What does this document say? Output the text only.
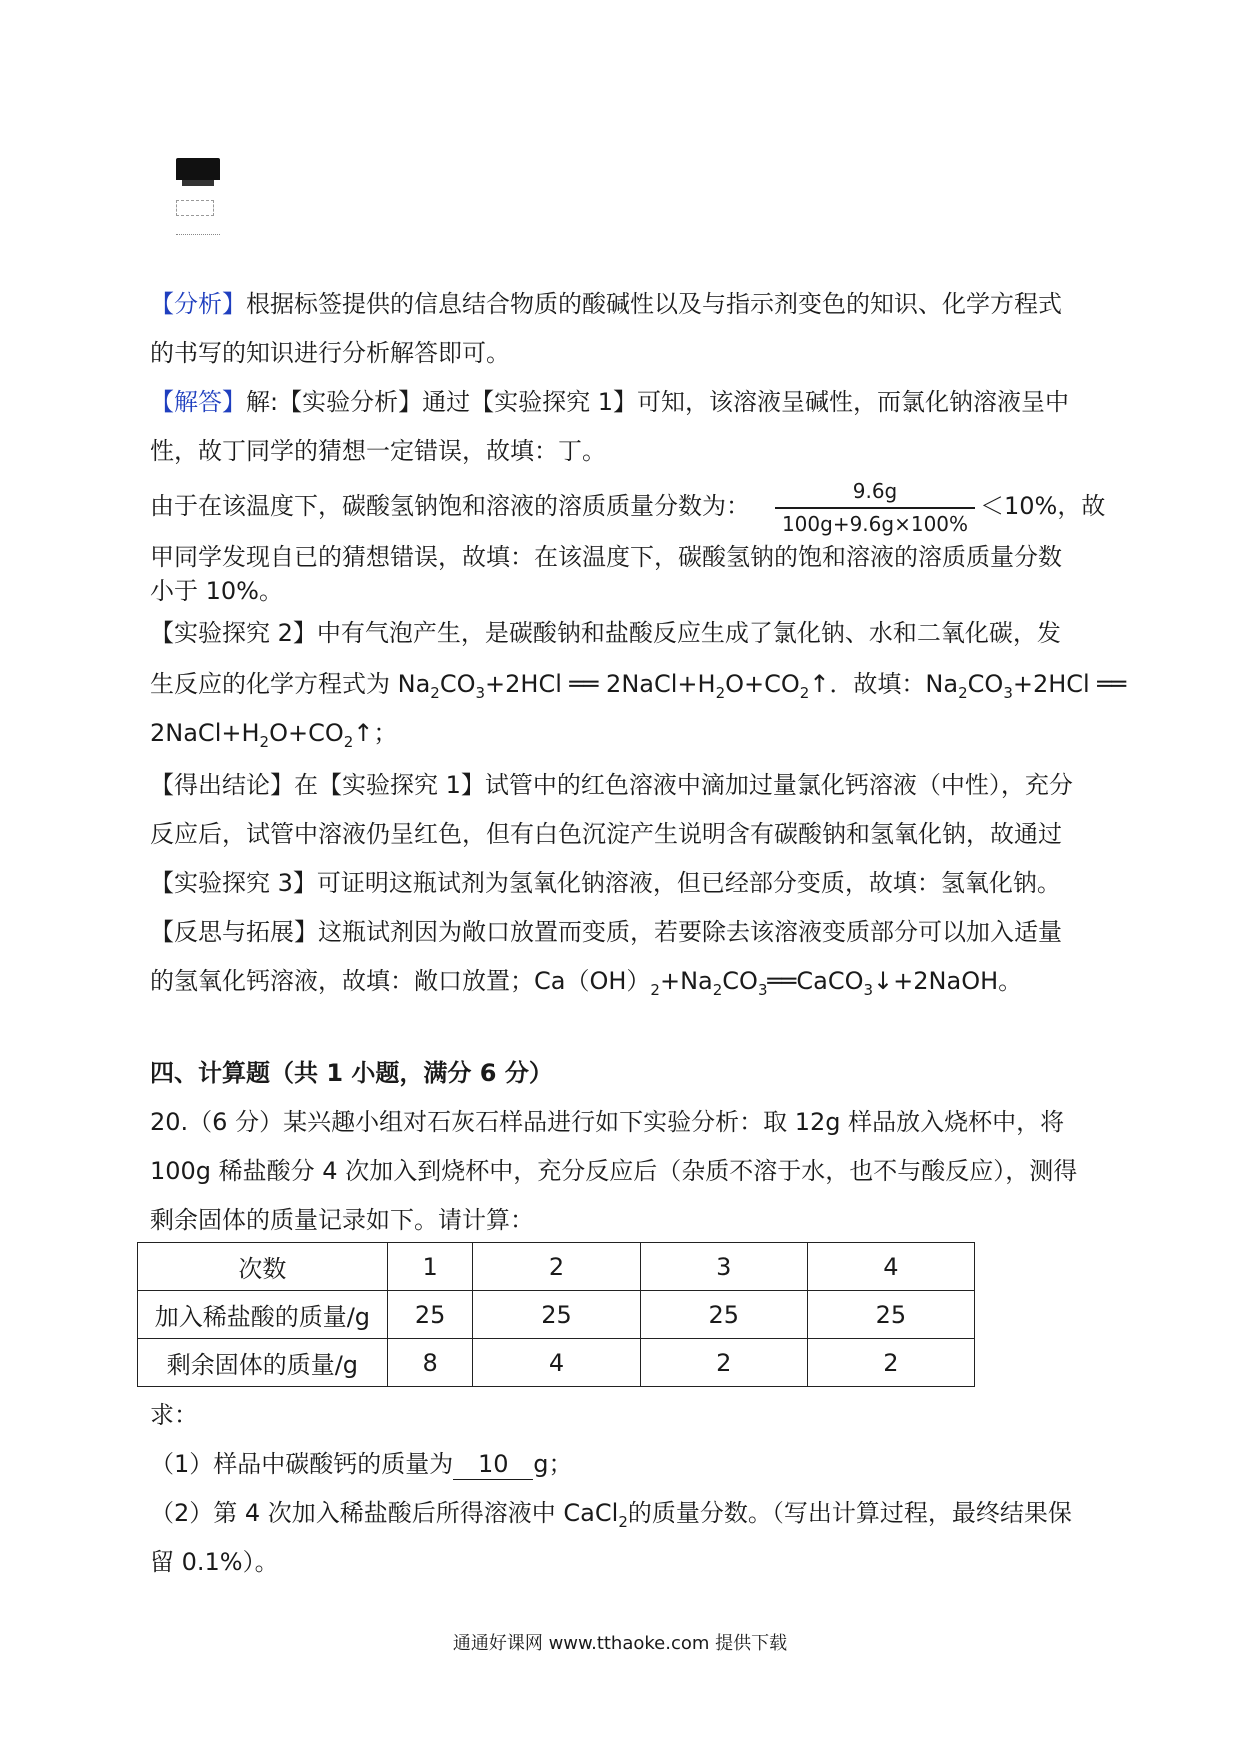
【分析】根据标签提供的信息结合物质的酸碱性以及与指示剂变色的知识、化学方程式
的书写的知识进行分析解答即可。
【解答】解:【实验分析】通过【实验探究 1】可知，该溶液呈碱性，而氯化钠溶液呈中
性，故丁同学的猜想一定错误，故填：丁。
由于在该温度下，碳酸氢钠饱和溶液的溶质质量分数为：
9.6g
100g+9.6g×100%
＜10%，故
甲同学发现自已的猜想错误，故填：在该温度下，碳酸氢钠的饱和溶液的溶质质量分数
小于 10%。
【实验探究 2】中有气泡产生，是碳酸钠和盐酸反应生成了氯化钠、水和二氧化碳，发
生反应的化学方程式为 $Na_2CO_3+2HCl$ ══ $2NaCl+H_2O+CO_2↑$．故填：$Na_2CO_3+2HCl$ ══
$2NaCl+H_2O+CO_2↑$；
【得出结论】在【实验探究 1】试管中的红色溶液中滴加过量氯化钙溶液（中性），充分
反应后，试管中溶液仍呈红色，但有白色沉淀产生说明含有碳酸钠和氢氧化钠，故通过
【实验探究 3】可证明这瓶试剂为氢氧化钠溶液，但已经部分变质，故填：氢氧化钠。
【反思与拓展】这瓶试剂因为敞口放置而变质，若要除去该溶液变质部分可以加入适量
的氢氧化钙溶液，故填：敞口放置；$Ca(OH)_2+Na_2CO_3══CaCO_3↓+2NaOH$。
四、计算题（共 1 小题，满分 6 分）
20.（6 分）某兴趣小组对石灰石样品进行如下实验分析：取 12g 样品放入烧杯中，将
100g 稀盐酸分 4 次加入到烧杯中，充分反应后（杂质不溶于水，也不与酸反应），测得
剩余固体的质量记录如下。请计算：
次数	1	2	3	4
加入稀盐酸的质量/g	25	25	25	25
剩余固体的质量/g	8	4	2	2
求：
（1）样品中碳酸钙的质量为 10 g；
（2）第 4 次加入稀盐酸后所得溶液中 CaCl$_2$的质量分数。（写出计算过程，最终结果保
留 0.1%）。
通通好课网 www.tthaoke.com 提供下载
